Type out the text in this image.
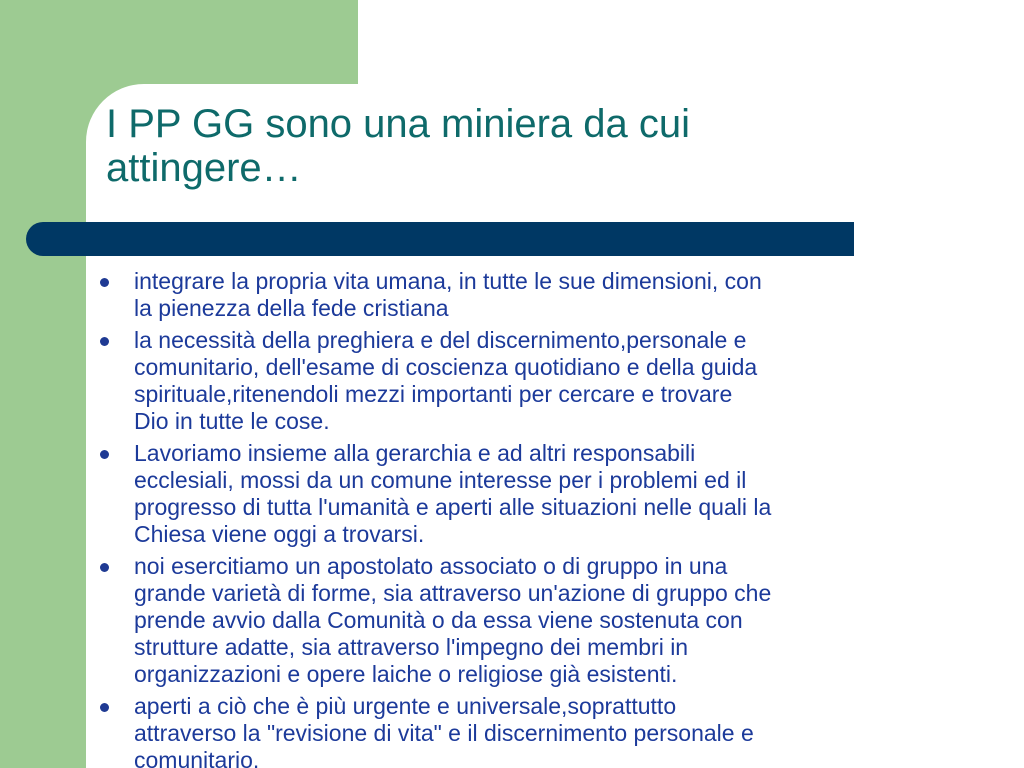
I PP GG sono una miniera da cui
attingere…
integrare la propria vita umana, in tutte le sue dimensioni, con
la pienezza della fede cristiana
la necessità della preghiera e del discernimento,personale e
comunitario, dell'esame di coscienza quotidiano e della guida
spirituale,ritenendoli mezzi importanti per cercare e trovare
Dio in tutte le cose.
Lavoriamo insieme alla gerarchia e ad altri responsabili
ecclesiali, mossi da un comune interesse per i problemi ed il
progresso di tutta l'umanità e aperti alle situazioni nelle quali la
Chiesa viene oggi a trovarsi.
noi esercitiamo un apostolato associato o di gruppo in una
grande varietà di forme, sia attraverso un'azione di gruppo che
prende avvio dalla Comunità o da essa viene sostenuta con
strutture adatte, sia attraverso l'impegno dei membri in
organizzazioni e opere laiche o religiose già esistenti.
aperti a ciò che è più urgente e universale,soprattutto
attraverso la "revisione di vita" e il discernimento personale e
comunitario.
